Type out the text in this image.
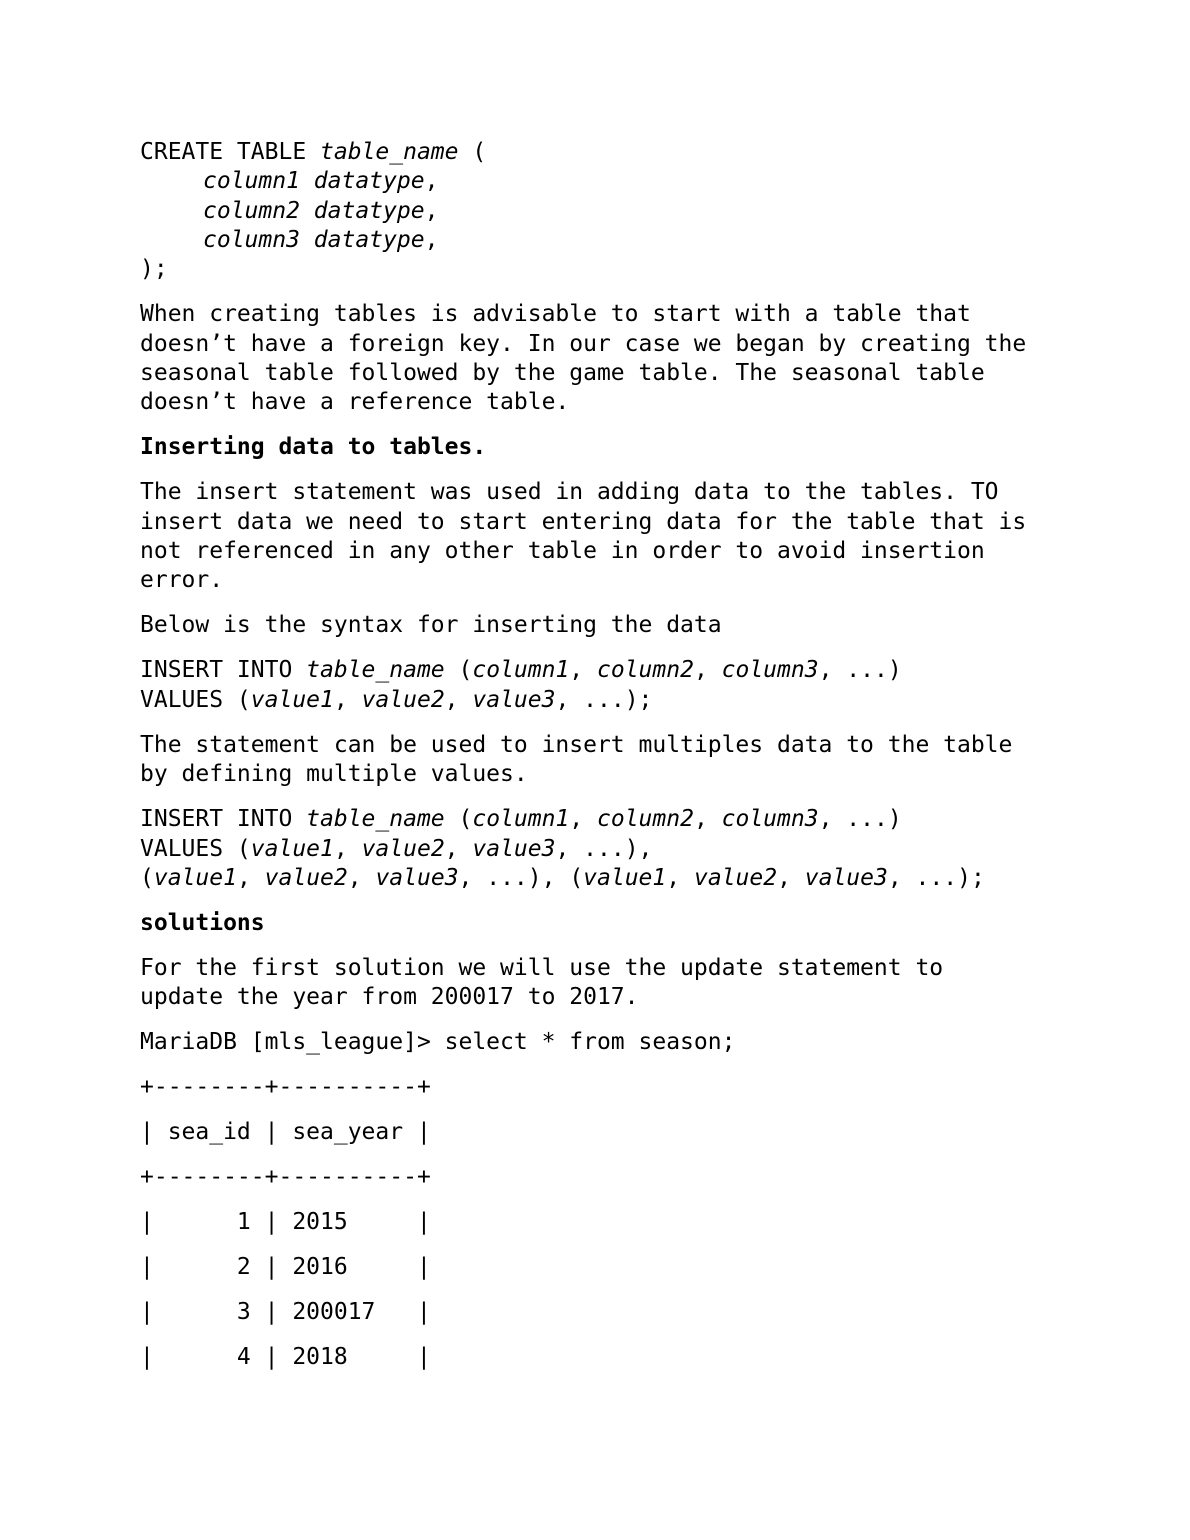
CREATE TABLE table_name (
column1 datatype,
column2 datatype,
column3 datatype,
);
When creating tables is advisable to start with a table that
doesn’t have a foreign key. In our case we began by creating the
seasonal table followed by the game table. The seasonal table
doesn’t have a reference table.
Inserting data to tables.
The insert statement was used in adding data to the tables. TO
insert data we need to start entering data for the table that is
not referenced in any other table in order to avoid insertion
error.
Below is the syntax for inserting the data
INSERT INTO table_name (column1, column2, column3, ...)
VALUES (value1, value2, value3, ...);
The statement can be used to insert multiples data to the table
by defining multiple values.
INSERT INTO table_name (column1, column2, column3, ...)
VALUES (value1, value2, value3, ...),
(value1, value2, value3, ...), (value1, value2, value3, ...);
solutions
For the first solution we will use the update statement to
update the year from 200017 to 2017.
MariaDB [mls_league]> select * from season;
+--------+----------+
| sea_id | sea_year |
+--------+----------+
|      1 | 2015     |
|      2 | 2016     |
|      3 | 200017   |
|      4 | 2018     |
